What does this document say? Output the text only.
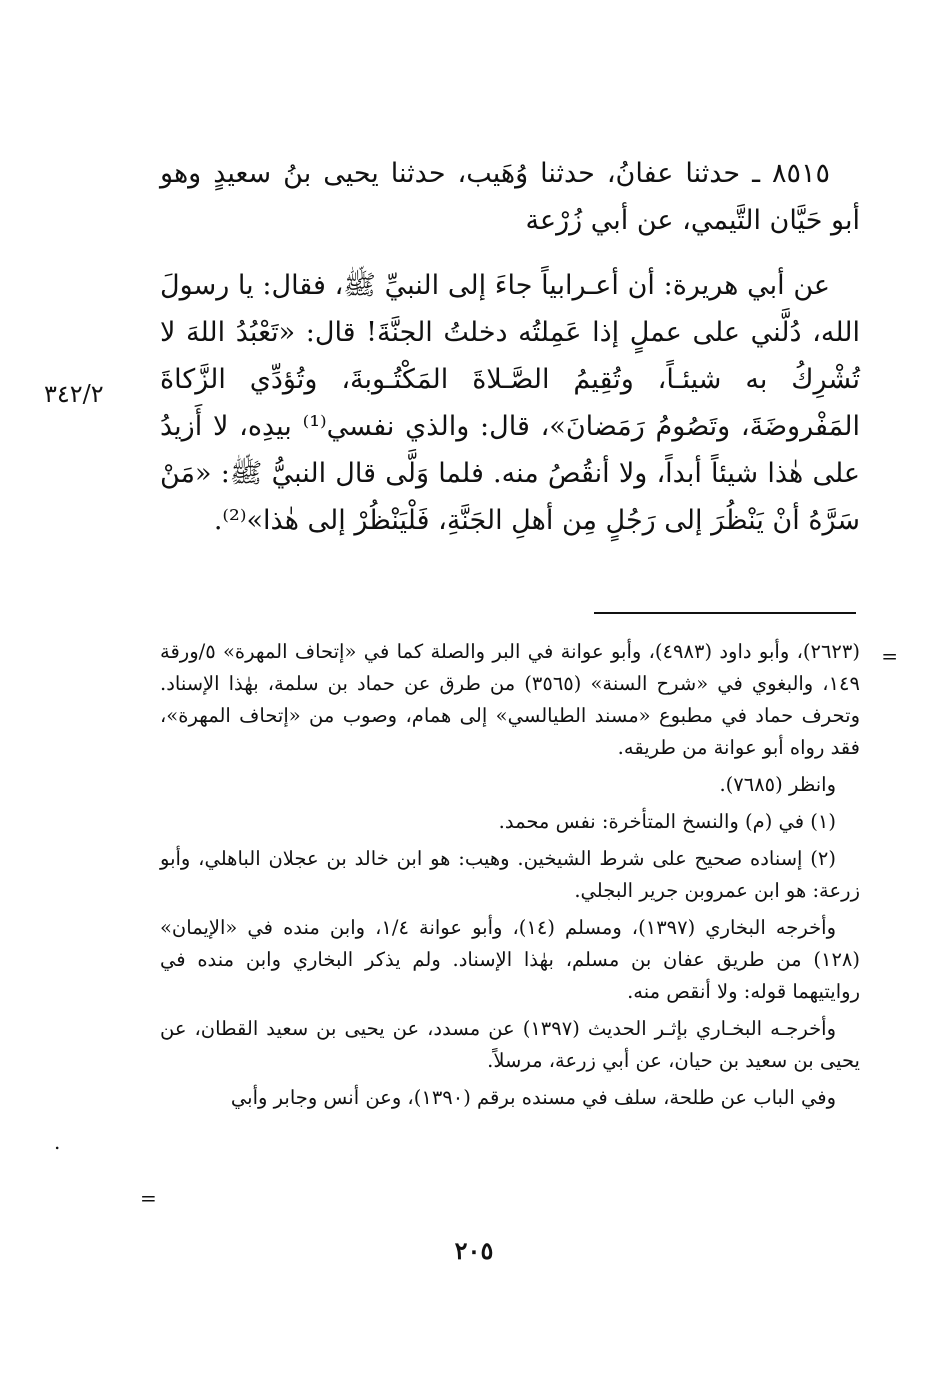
٨٥١٥ ـ حدثنا عفانُ، حدثنا وُهَيب، حدثنا يحيى بنُ سعيدٍ وهو أبو حَيَّان التَّيمي، عن أبي زُرْعة

عن أبي هريرة: أن أعـرابياً جاءَ إلى النبيِّ ﷺ، فقال: يا رسولَ الله، دُلَّني على عملٍ إذا عَمِلتُه دخلتُ الجنَّةَ! قال: «تَعْبُدُ اللهَ لا تُشْرِكُ به شيئـاً، وتُقِيمُ الصَّـلاةَ المَكْتُـوبةَ، وتُؤدِّي الزَّكاةَ المَفْروضَةَ، وتَصُومُ رَمَضانَ»، قال: والذي نفسي⁽¹⁾ بيدِه، لا أَزيدُ على هٰذا شيئاً أبداً، ولا أنقُصُ منه. فلما وَلَّى قال النبيُّ ﷺ: «مَنْ سَرَّهُ أنْ يَنْظُرَ إلى رَجُلٍ مِن أهلِ الجَنَّةِ، فَلْيَنْظُرْ إلى هٰذا»⁽²⁾.

٣٤٢/٢
=

(٢٦٢٣)، وأبو داود (٤٩٨٣)، وأبو عوانة في البر والصلة كما في «إتحاف المهرة» ٥/ورقة ١٤٩، والبغوي في «شرح السنة» (٣٥٦٥) من طرق عن حماد بن سلمة، بهٰذا الإسناد. وتحرف حماد في مطبوع «مسند الطيالسي» إلى همام، وصوب من «إتحاف المهرة»، فقد رواه أبو عوانة من طريقه.

وانظر (٧٦٨٥).

(١) في (م) والنسخ المتأخرة: نفس محمد.

(٢) إسناده صحيح على شرط الشيخين. وهيب: هو ابن خالد بن عجلان الباهلي، وأبو زرعة: هو ابن عمروبن جرير البجلي.

وأخرجه البخاري (١٣٩٧)، ومسلم (١٤)، وأبو عوانة ١/٤، وابن منده في «الإيمان» (١٢٨) من طريق عفان بن مسلم، بهٰذا الإسناد. ولم يذكر البخاري وابن منده في روايتيهما قوله: ولا أنقص منه.

وأخرجـه البخـاري بإثـر الحديث (١٣٩٧) عن مسدد، عن يحيى بن سعيد القطان، عن يحيى بن سعيد بن حيان، عن أبي زرعة، مرسلاً.

وفي الباب عن طلحة، سلف في مسنده برقم (١٣٩٠)، وعن أنس وجابر وأبي

.
=
٢٠٥
